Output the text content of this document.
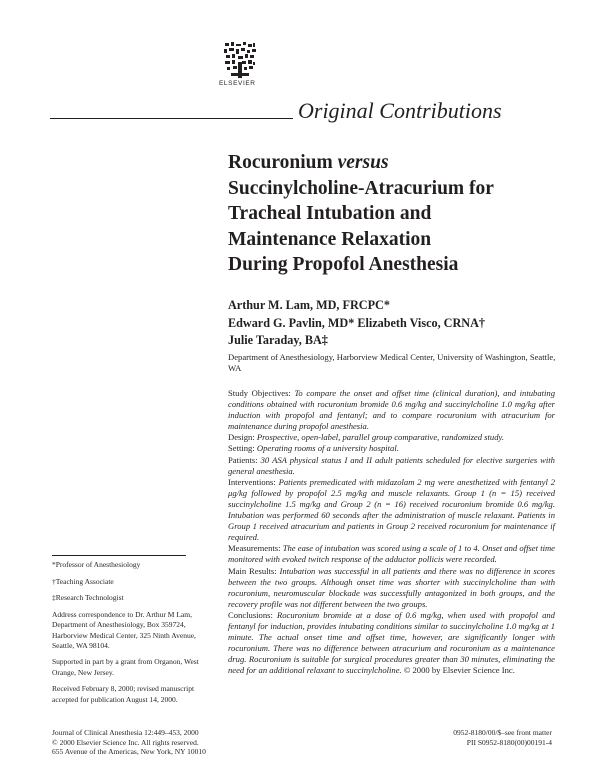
ELSEVIER
Original Contributions
Rocuronium versus
Succinylcholine-Atracurium for
Tracheal Intubation and
Maintenance Relaxation
During Propofol Anesthesia
Arthur M. Lam, MD, FRCPC*
Edward G. Pavlin, MD* Elizabeth Visco, CRNA†
Julie Taraday, BA‡
Department of Anesthesiology, Harborview Medical Center, University of Washington, Seattle, WA

Study Objectives: To compare the onset and offset time (clinical duration), and intubating conditions obtained with rocuronium bromide 0.6 mg/kg and succinylcholine 1.0 mg/kg after induction with propofol and fentanyl; and to compare rocuronium with atracurium for maintenance during propofol anesthesia.

Design: Prospective, open-label, parallel group comparative, randomized study.

Setting: Operating rooms of a university hospital.

Patients: 30 ASA physical status I and II adult patients scheduled for elective surgeries with general anesthesia.

Interventions: Patients premedicated with midazolam 2 mg were anesthetized with fentanyl 2 μg/kg followed by propofol 2.5 mg/kg and muscle relaxants. Group 1 (n = 15) received succinylcholine 1.5 mg/kg and Group 2 (n = 16) received rocuronium bromide 0.6 mg/kg. Intubation was performed 60 seconds after the administration of muscle relaxant. Patients in Group 1 received atracurium and patients in Group 2 received rocuronium for maintenance if required.

Measurements: The ease of intubation was scored using a scale of 1 to 4. Onset and offset time monitored with evoked twitch response of the adductor pollicis were recorded.

Main Results: Intubation was successful in all patients and there was no difference in scores between the two groups. Although onset time was shorter with succinylcholine than with rocuronium, neuromuscular blockade was successfully antagonized in both groups, and the recovery profile was not different between the two groups.

Conclusions: Rocuronium bromide at a dose of 0.6 mg/kg, when used with propofol and fentanyl for induction, provides intubating conditions similar to succinylcholine 1.0 mg/kg at 1 minute. The actual onset time and offset time, however, are significantly longer with rocuronium. There was no difference between atracurium and rocuronium as a maintenance drug. Rocuronium is suitable for surgical procedures greater than 30 minutes, eliminating the need for an additional relaxant to succinylcholine. © 2000 by Elsevier Science Inc.

*Professor of Anesthesiology

†Teaching Associate

‡Research Technologist

Address correspondence to Dr. Arthur M Lam, Department of Anesthesiology, Box 359724, Harborview Medical Center, 325 Ninth Avenue, Seattle, WA 98104.

Supported in part by a grant from Organon, West Orange, New Jersey.

Received February 8, 2000; revised manuscript accepted for publication August 14, 2000.

Journal of Clinical Anesthesia 12:449–453, 2000
© 2000 Elsevier Science Inc. All rights reserved.
655 Avenue of the Americas, New York, NY 10010
0952-8180/00/$–see front matter
PII S0952-8180(00)00191-4
